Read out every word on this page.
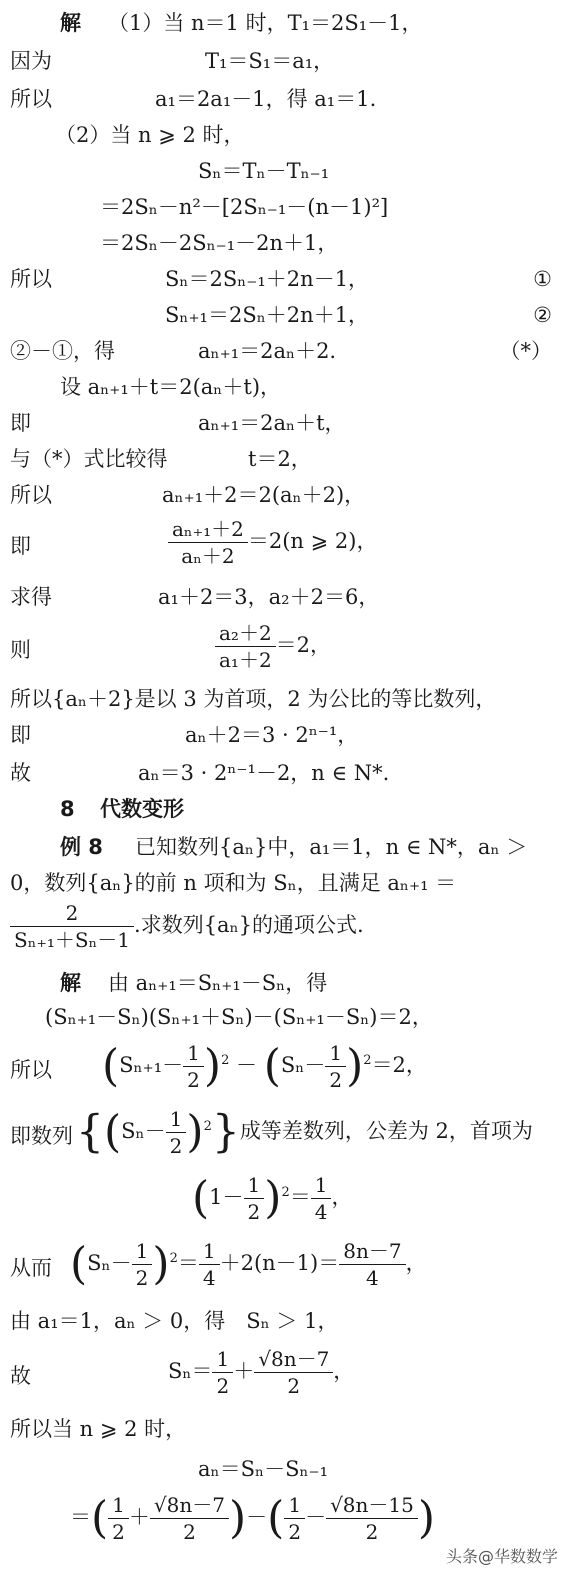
解 （1）当 n＝1 时，T₁＝2S₁－1，
因为	T₁＝S₁＝a₁，
所以	a₁＝2a₁－1，得 a₁＝1.
（2）当 n ⩾ 2 时，
Sₙ＝Tₙ－Tₙ₋₁
＝2Sₙ－n²－[2Sₙ₋₁－(n－1)²]
＝2Sₙ－2Sₙ₋₁－2n＋1，
所以	Sₙ＝2Sₙ₋₁＋2n－1，	①
Sₙ₊₁＝2Sₙ＋2n＋1，	②
②－①，得	aₙ₊₁＝2aₙ＋2.	（*）
设 aₙ₊₁＋t＝2(aₙ＋t)，
即	aₙ₊₁＝2aₙ＋t，
与（*）式比较得	t＝2，
所以	aₙ₊₁＋2＝2(aₙ＋2)，
即	$\frac{\text{aₙ₊₁＋2}}{\text{aₙ＋2}} =2(n$ ⩾ 2)，
求得	a₁＋2＝3，a₂＋2＝6，
则	$\frac{\text{a₂＋2}}{\text{a₁＋2}} =2$，
所以{aₙ＋2}是以 3 为首项，2 为公比的等比数列，
即	aₙ＋2＝3 · 2ⁿ⁻¹，
故	aₙ＝3 · 2ⁿ⁻¹－2，n ∈ N*.
8 代数变形
例 8 已知数列{aₙ}中，a₁＝1，n ∈ N*，aₙ ＞
0，数列{aₙ}的前 n 项和为 Sₙ，且满足 aₙ₊₁ ＝
$\frac{2}{\text{Sₙ₊₁＋Sₙ－1}}$ .求数列{aₙ}的通项公式.
解 由 aₙ₊₁＝Sₙ₊₁－Sₙ，得
(Sₙ₊₁－Sₙ)(Sₙ₊₁＋Sₙ)－(Sₙ₊₁－Sₙ)＝2，
所以 $(S_{n+1}- \frac{1}{2} )^2 - (S_n- \frac{1}{2} )^2=2$，
即数列 $\{(S_n- \frac{1}{2} )^2\}$成等差数列，公差为 2，首项为
$(1- \frac{1}{2} )^2= \frac{1}{4}$ ，
从而 $(S_n- \frac{1}{2} )^2= \frac{1}{4} +2(n-1)= \frac{8n-7}{4}$ ，
由 a₁＝1，aₙ ＞ 0，得　Sₙ ＞ 1，
故	$S_n= \frac{1}{2} + \frac{√8n-7}{2}$ ，
所以当 n ⩾ 2 时，
aₙ＝Sₙ－Sₙ₋₁
＝( $\frac{1}{2} + \frac{√8n-7}{2}$ )－( $\frac{1}{2} - \frac{√8n-15}{2}$ )
头条@华数数学
